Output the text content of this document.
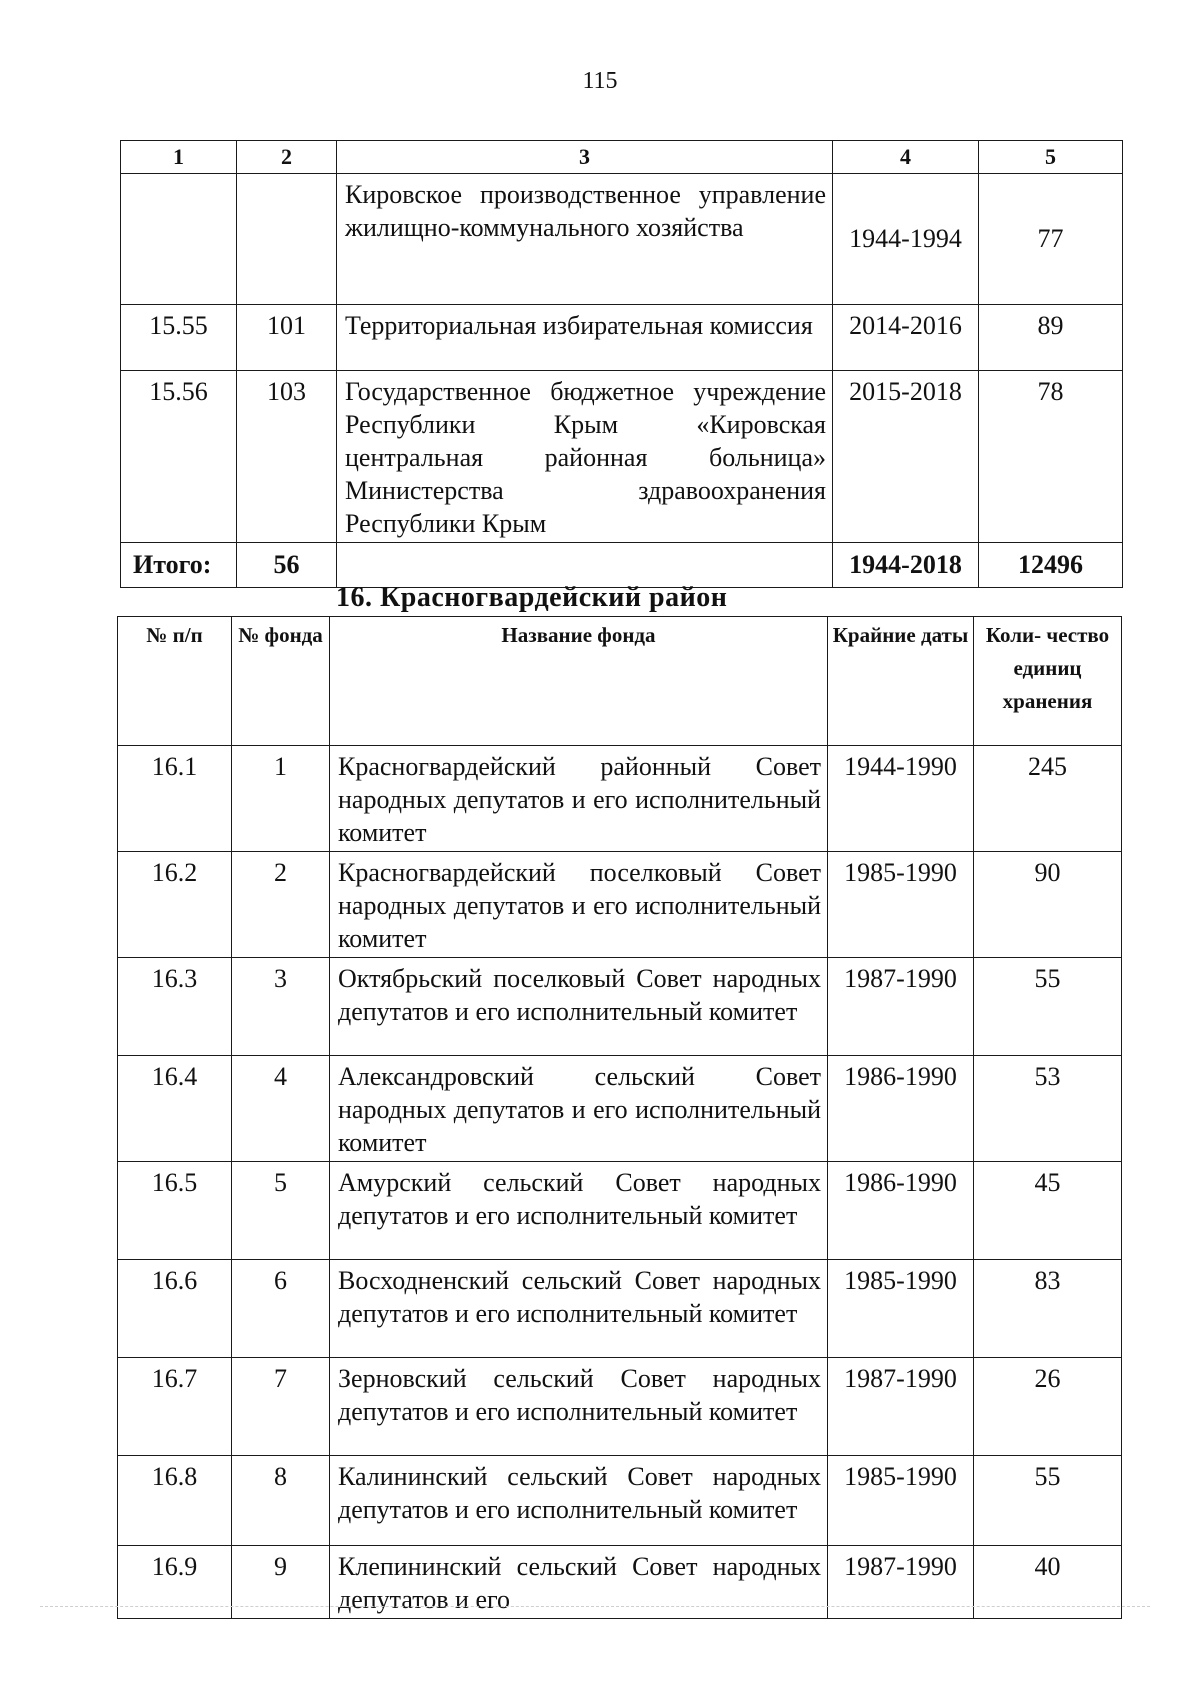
115
1	2	3	4	5
		Кировское производственное управление жилищно-коммунального хозяйства	1944-1994	77
15.55	101	Территориальная избирательная комиссия	2014-2016	89
15.56	103	Государственное бюджетное учреждение Республики Крым «Кировская центральная районная больница» Министерства здравоохранения Республики Крым	2015-2018	78
Итого:	56		1944-2018	12496
16. Красногвардейский район
№ п/п	№ фонда	Название фонда	Крайние даты	Коли- чество единиц хранения
16.1	1	Красногвардейский районный Совет народных депутатов и его исполнительный комитет	1944-1990	245
16.2	2	Красногвардейский поселковый Совет народных депутатов и его исполнительный комитет	1985-1990	90
16.3	3	Октябрьский поселковый Совет народных депутатов и его исполнительный комитет	1987-1990	55
16.4	4	Александровский сельский Совет народных депутатов и его исполнительный комитет	1986-1990	53
16.5	5	Амурский сельский Совет народных депутатов и его исполнительный комитет	1986-1990	45
16.6	6	Восходненский сельский Совет народных депутатов и его исполнительный комитет	1985-1990	83
16.7	7	Зерновский сельский Совет народных депутатов и его исполнительный комитет	1987-1990	26
16.8	8	Калининский сельский Совет народных депутатов и его исполнительный комитет	1985-1990	55
16.9	9	Клепининский сельский Совет народных депутатов и его	1987-1990	40
